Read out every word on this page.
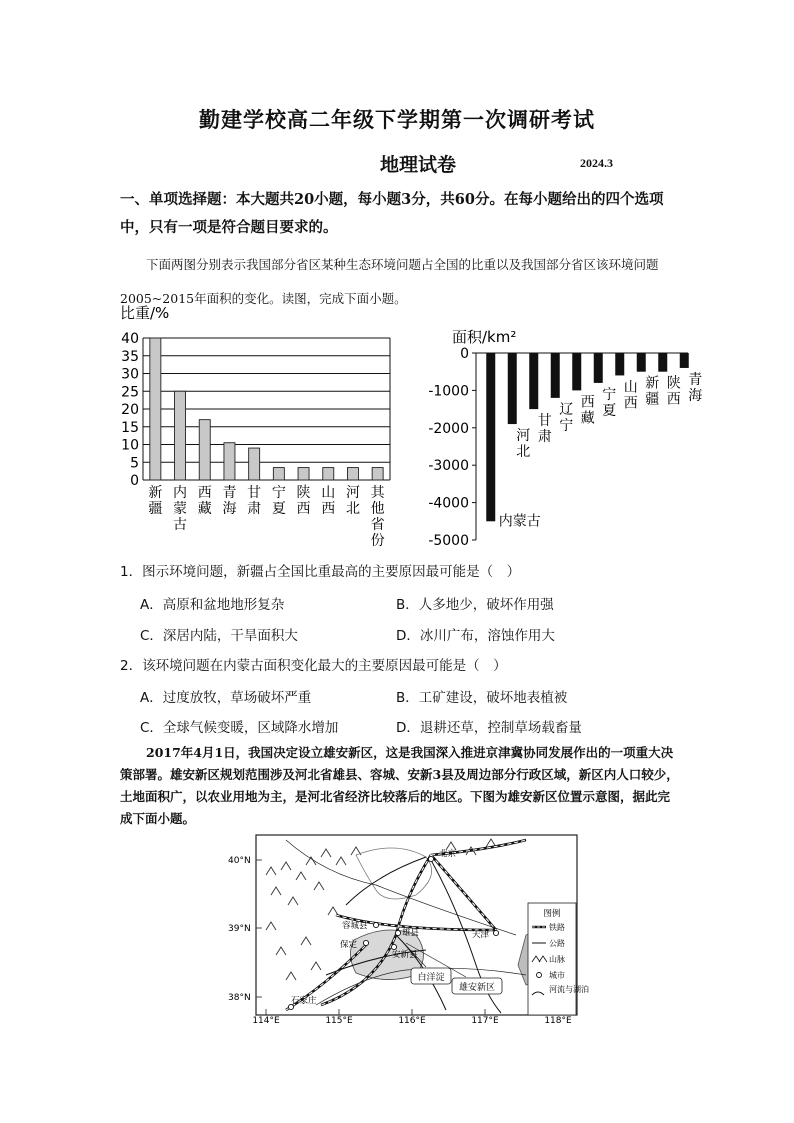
勤建学校高二年级下学期第一次调研考试
地理试卷	2024.3
一、单项选择题：本大题共20小题，每小题3分，共60分。在每小题给出的四个选项中，只有一项是符合题目要求的。
下面两图分别表示我国部分省区某种生态环境问题占全国的比重以及我国部分省区该环境问题2005~2015年面积的变化。读图，完成下面小题。
比重/%
0
5
10
15
20
25
30
35
40
新疆
内蒙古
西藏
青海
甘肃
宁夏
陕西
山西
河北
其他省份
面积/km²
0
-1000
-2000
-3000
-4000
-5000
内蒙古
河北
甘肃
辽宁
西藏
宁夏
山西
新疆
陕西
青海
1．图示环境问题，新疆占全国比重最高的主要原因最可能是（　）
A．高原和盆地地形复杂	B．人多地少，破坏作用强
C．深居内陆，干旱面积大	D．冰川广布，溶蚀作用大
2．该环境问题在内蒙古面积变化最大的主要原因最可能是（　）
A．过度放牧，草场破坏严重	B．工矿建设，破坏地表植被
C．全球气候变暖，区域降水增加	D．退耕还草，控制草场载畜量
2017年4月1日，我国决定设立雄安新区，这是我国深入推进京津冀协同发展作出的一项重大决策部署。雄安新区规划范围涉及河北省雄县、容城、安新3县及周边部分行政区域，新区内人口较少，土地面积广，以农业用地为主，是河北省经济比较落后的地区。下图为雄安新区位置示意图，据此完成下面小题。
40°N
39°N
38°N
114°E	115°E	116°E	117°E	118°E
北京
容城县
雄县
保定
安新县
天津
石家庄
白洋淀
雄安新区
图例
铁路
公路
山脉
城市
河流与湖泊
